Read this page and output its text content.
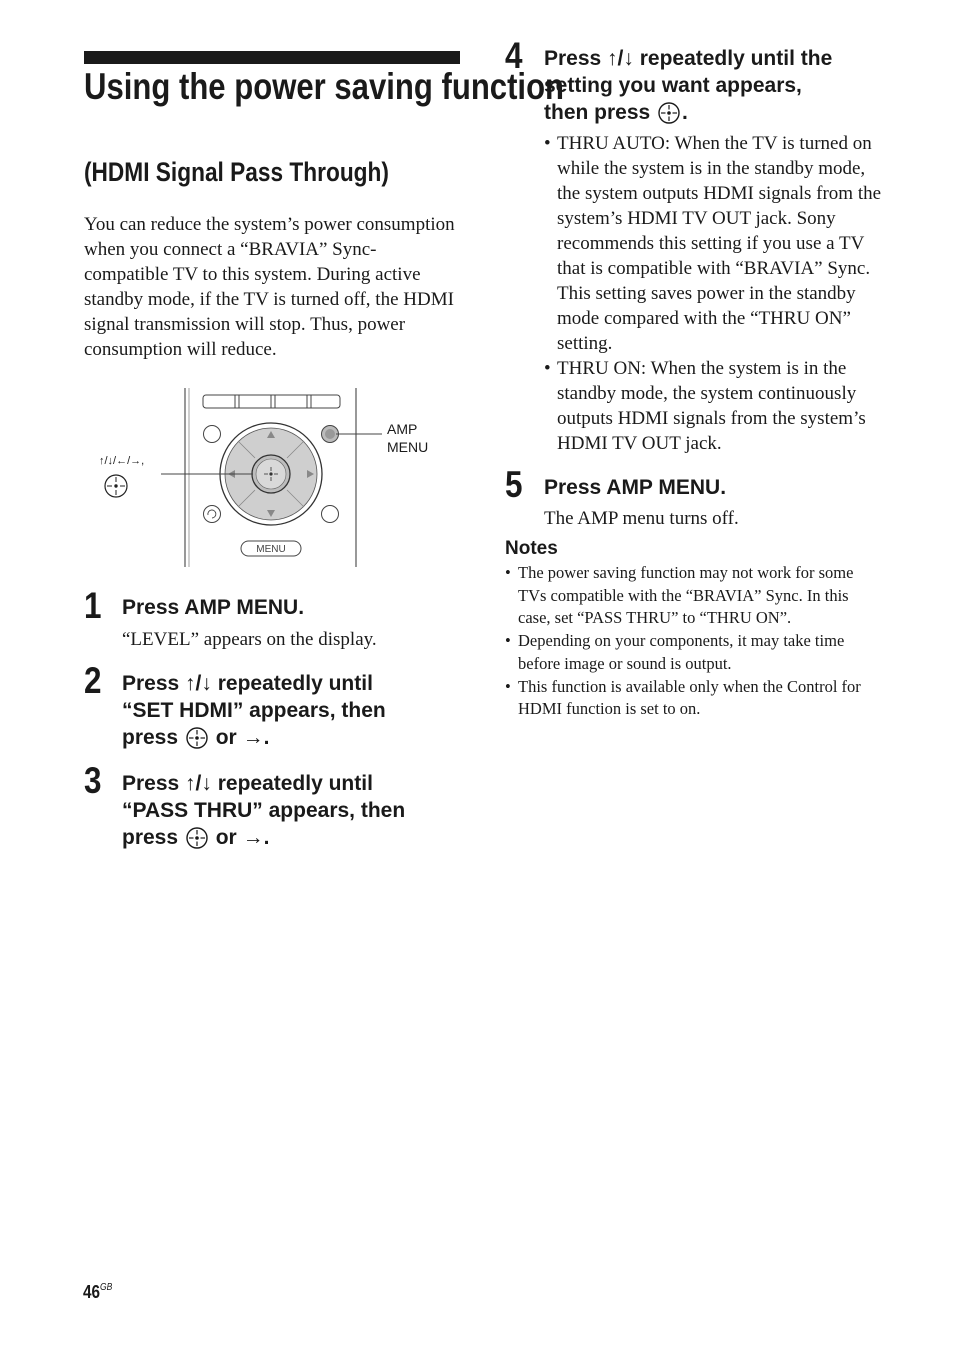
Using the power saving function
(HDMI Signal Pass Through)
You can reduce the system’s power consumption when you connect a “BRAVIA” Sync-compatible TV to this system. During active standby mode, if the TV is turned off, the HDMI signal transmission will stop. Thus, power consumption will reduce.
MENU
↑/↓/←/→,
AMP
MENU
1 Press AMP MENU.
“LEVEL” appears on the display.
2 Press ↑/↓ repeatedly until
“SET HDMI” appears, then
press or →.
3 Press ↑/↓ repeatedly until
“PASS THRU” appears, then
press or →.
4 Press ↑/↓ repeatedly until the
setting you want appears,
then press .
• THRU AUTO: When the TV is turned on while the system is in the standby mode, the system outputs HDMI signals from the system’s HDMI TV OUT jack. Sony recommends this setting if you use a TV that is compatible with “BRAVIA” Sync. This setting saves power in the standby mode compared with the “THRU ON” setting.
• THRU ON: When the system is in the standby mode, the system continuously outputs HDMI signals from the system’s HDMI TV OUT jack.
5 Press AMP MENU.
The AMP menu turns off.
Notes
• The power saving function may not work for some TVs compatible with the “BRAVIA” Sync. In this case, set “PASS THRU” to “THRU ON”.
• Depending on your components, it may take time before image or sound is output.
• This function is available only when the Control for HDMI function is set to on.
$46^{GB}$
